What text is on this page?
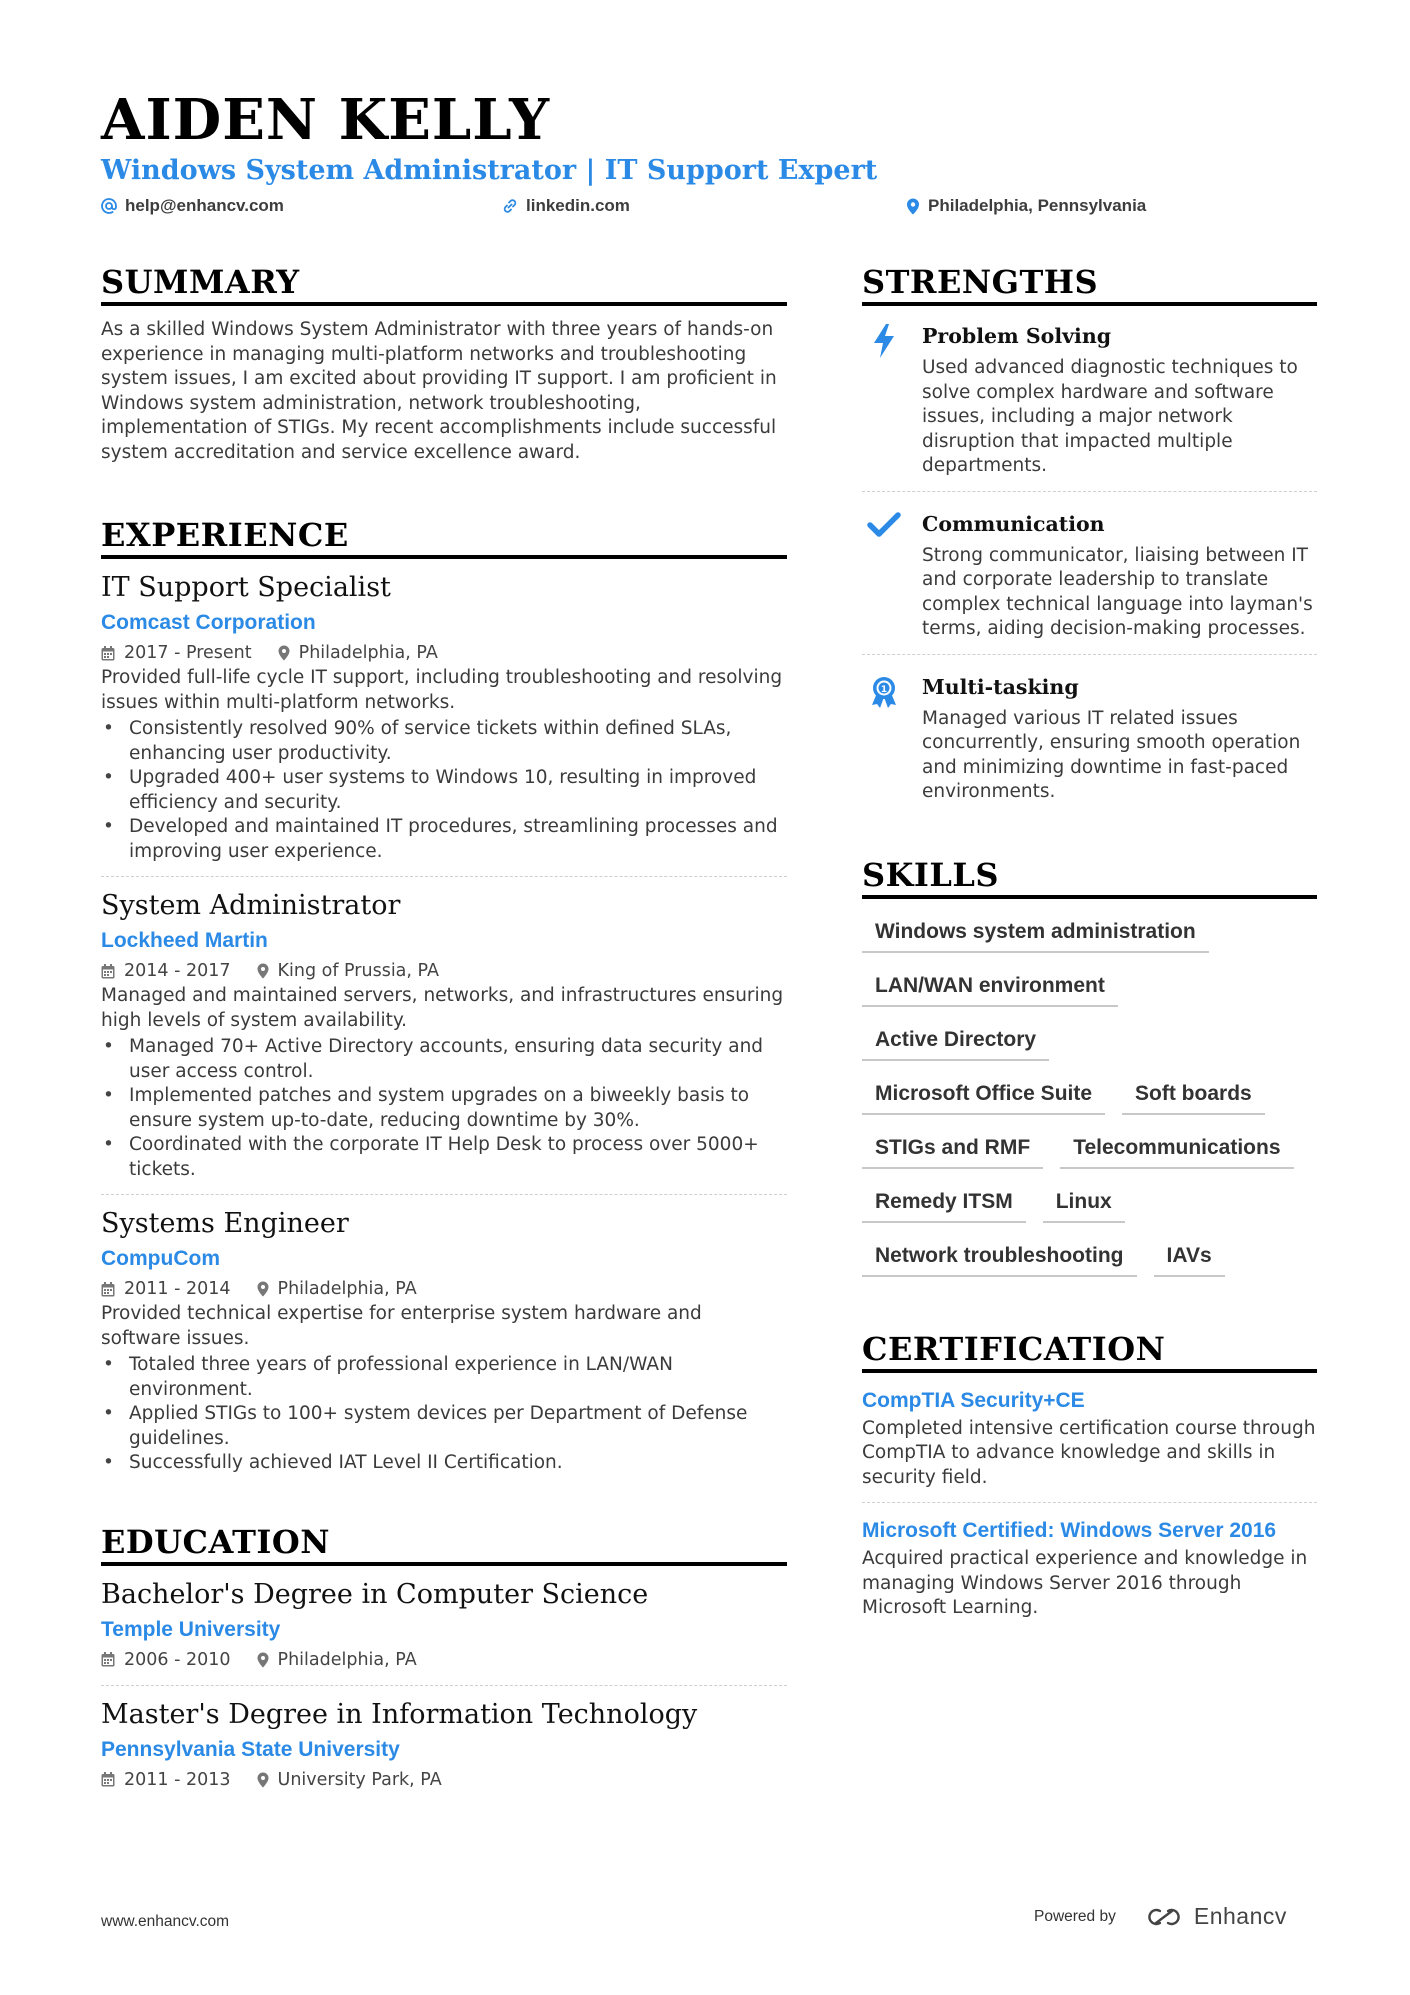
AIDEN KELLY
Windows System Administrator | IT Support Expert
help@enhancv.com	linkedin.com	Philadelphia, Pennsylvania
SUMMARY
As a skilled Windows System Administrator with three years of hands-on experience in managing multi-platform networks and troubleshooting system issues, I am excited about providing IT support. I am proficient in Windows system administration, network troubleshooting, implementation of STIGs. My recent accomplishments include successful system accreditation and service excellence award.
EXPERIENCE
IT Support Specialist
Comcast Corporation
2017 - Present	Philadelphia, PA
Provided full-life cycle IT support, including troubleshooting and resolving issues within multi-platform networks.
• Consistently resolved 90% of service tickets within defined SLAs, enhancing user productivity.
• Upgraded 400+ user systems to Windows 10, resulting in improved efficiency and security.
• Developed and maintained IT procedures, streamlining processes and improving user experience.
System Administrator
Lockheed Martin
2014 - 2017	King of Prussia, PA
Managed and maintained servers, networks, and infrastructures ensuring high levels of system availability.
• Managed 70+ Active Directory accounts, ensuring data security and user access control.
• Implemented patches and system upgrades on a biweekly basis to ensure system up-to-date, reducing downtime by 30%.
• Coordinated with the corporate IT Help Desk to process over 5000+ tickets.
Systems Engineer
CompuCom
2011 - 2014	Philadelphia, PA
Provided technical expertise for enterprise system hardware and software issues.
• Totaled three years of professional experience in LAN/WAN environment.
• Applied STIGs to 100+ system devices per Department of Defense guidelines.
• Successfully achieved IAT Level II Certification.
EDUCATION
Bachelor's Degree in Computer Science
Temple University
2006 - 2010	Philadelphia, PA
Master's Degree in Information Technology
Pennsylvania State University
2011 - 2013	University Park, PA
STRENGTHS
Problem Solving
Used advanced diagnostic techniques to solve complex hardware and software issues, including a major network disruption that impacted multiple departments.
Communication
Strong communicator, liaising between IT and corporate leadership to translate complex technical language into layman's terms, aiding decision-making processes.
1 Multi-tasking
Managed various IT related issues concurrently, ensuring smooth operation and minimizing downtime in fast-paced environments.
SKILLS
Windows system administration
LAN/WAN environment
Active Directory
Microsoft Office Suite	Soft boards
STIGs and RMF	Telecommunications
Remedy ITSM	Linux
Network troubleshooting	IAVs
CERTIFICATION
CompTIA Security+CE
Completed intensive certification course through CompTIA to advance knowledge and skills in security field.
Microsoft Certified: Windows Server 2016
Acquired practical experience and knowledge in managing Windows Server 2016 through Microsoft Learning.
www.enhancv.com	Powered by	Enhancv
